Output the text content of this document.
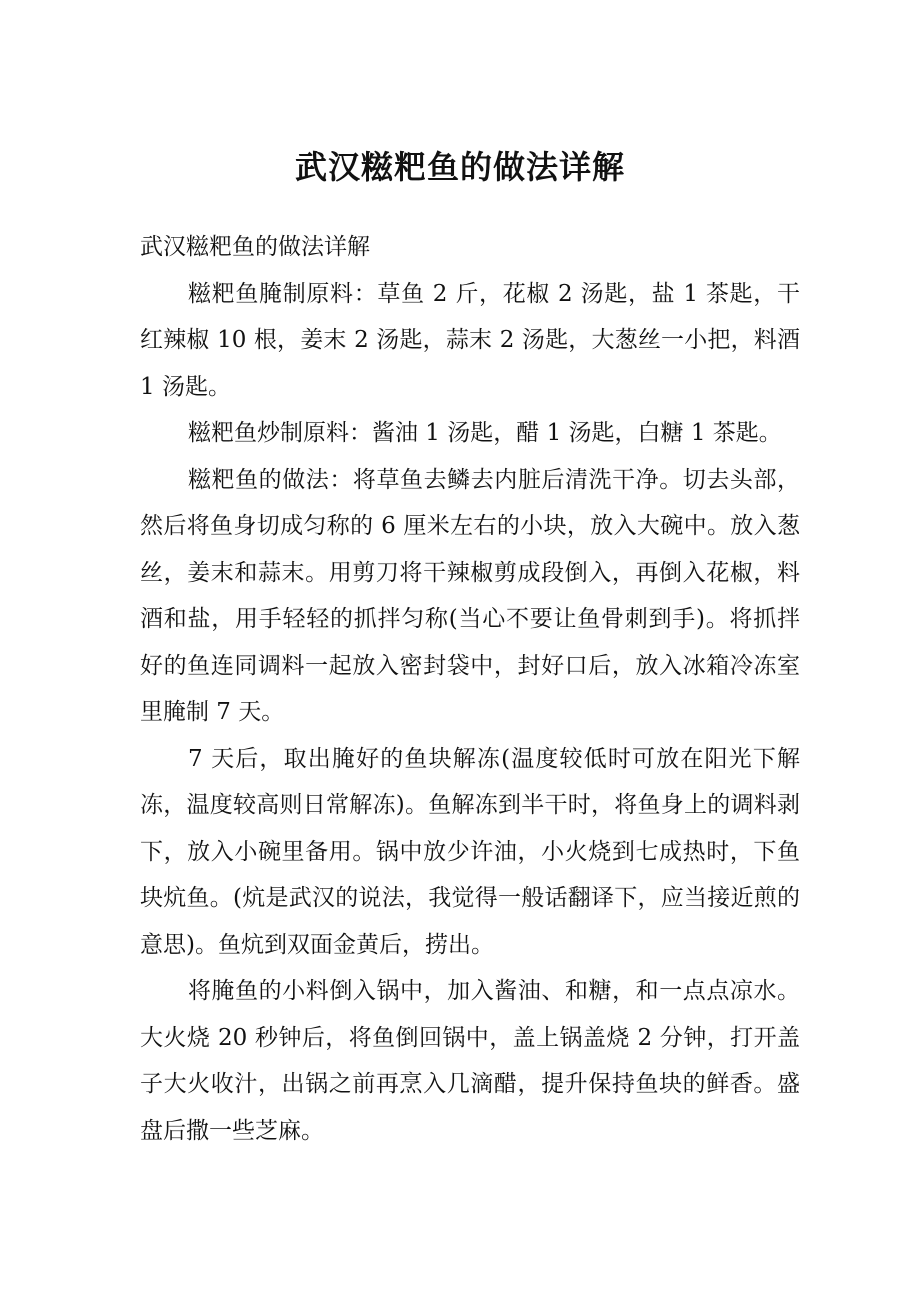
武汉糍粑鱼的做法详解

武汉糍粑鱼的做法详解

糍粑鱼腌制原料：草鱼 2 斤，花椒 2 汤匙，盐 1 茶匙，干红辣椒 10 根，姜末 2 汤匙，蒜末 2 汤匙，大葱丝一小把，料酒 1 汤匙。

糍粑鱼炒制原料：酱油 1 汤匙，醋 1 汤匙，白糖 1 茶匙。

糍粑鱼的做法：将草鱼去鳞去内脏后清洗干净。切去头部，然后将鱼身切成匀称的 6 厘米左右的小块，放入大碗中。放入葱丝，姜末和蒜末。用剪刀将干辣椒剪成段倒入，再倒入花椒，料酒和盐，用手轻轻的抓拌匀称(当心不要让鱼骨刺到手)。将抓拌好的鱼连同调料一起放入密封袋中，封好口后，放入冰箱冷冻室里腌制 7 天。

7 天后，取出腌好的鱼块解冻(温度较低时可放在阳光下解冻，温度较高则日常解冻)。鱼解冻到半干时，将鱼身上的调料剥下，放入小碗里备用。锅中放少许油，小火烧到七成热时，下鱼块炕鱼。(炕是武汉的说法，我觉得一般话翻译下，应当接近煎的意思)。鱼炕到双面金黄后，捞出。

将腌鱼的小料倒入锅中，加入酱油、和糖，和一点点凉水。大火烧 20 秒钟后，将鱼倒回锅中，盖上锅盖烧 2 分钟，打开盖子大火收汁，出锅之前再烹入几滴醋，提升保持鱼块的鲜香。盛盘后撒一些芝麻。
